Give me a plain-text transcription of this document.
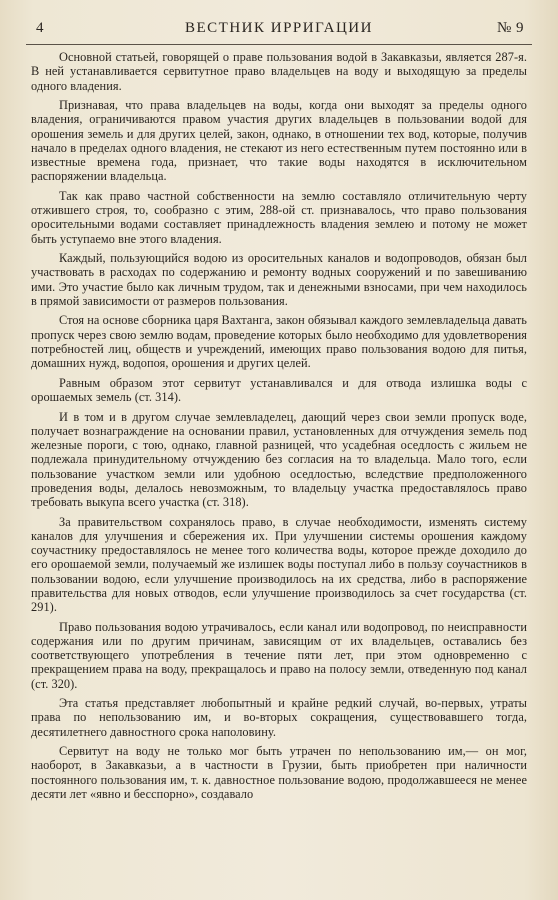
4	ВЕСТНИК ИРРИГАЦИИ	№ 9

Основной статьей, говорящей о праве пользования водой в Закавказьи, является 287-я. В ней устанавливается сервитутное право владельцев на воду и выходящую за пределы одного владения.

Признавая, что права владельцев на воды, когда они выходят за пределы одного владения, ограничиваются правом участия других владельцев в пользовании водой для орошения земель и для других целей, закон, однако, в отношении тех вод, которые, получив начало в пределах одного владения, не стекают из него естественным путем постоянно или в известные времена года, признает, что такие воды находятся в исключительном распоряжении владельца.

Так как право частной собственности на землю составляло отличительную черту отжившего строя, то, сообразно с этим, 288-ой ст. признавалось, что право пользования оросительными водами составляет принадлежность владения землею и потому не может быть уступаемо вне этого владения.

Каждый, пользующийся водою из оросительных каналов и водопроводов, обязан был участвовать в расходах по содержанию и ремонту водных сооружений и по завешиванию ими. Это участие было как личным трудом, так и денежными взносами, при чем находилось в прямой зависимости от размеров пользования.

Стоя на основе сборника царя Вахтанга, закон обязывал каждого землевладельца давать пропуск через свою землю водам, проведение которых было необходимо для удовлетворения потребностей лиц, обществ и учреждений, имеющих право пользования водою для питья, домашних нужд, водопоя, орошения и других целей.

Равным образом этот сервитут устанавливался и для отвода излишка воды с орошаемых земель (ст. 314).

И в том и в другом случае землевладелец, дающий через свои земли пропуск воде, получает вознаграждение на основании правил, установленных для отчуждения земель под железные пороги, с тою, однако, главной разницей, что усадебная оседлость с жильем не подлежала принудительному отчуждению без согласия на то владельца. Мало того, если пользование участком земли или удобною оседлостью, вследствие предположенного проведения воды, делалось невозможным, то владельцу участка предоставлялось право требовать выкупа всего участка (ст. 318).

За правительством сохранялось право, в случае необходимости, изменять систему каналов для улучшения и сбережения их. При улучшении системы орошения каждому соучастнику предоставлялось не менее того количества воды, которое прежде доходило до его орошаемой земли, получаемый же излишек воды поступал либо в пользу соучастников в пользовании водою, если улучшение производилось на их средства, либо в распоряжение правительства для новых отводов, если улучшение производилось за счет государства (ст. 291).

Право пользования водою утрачивалось, если канал или водопровод, по неисправности содержания или по другим причинам, зависящим от их владельцев, оставались без соответствующего употребления в течение пяти лет, при этом одновременно с прекращением права на воду, прекращалось и право на полосу земли, отведенную под канал (ст. 320).

Эта статья представляет любопытный и крайне редкий случай, во-первых, утраты права по непользованию им, и во-вторых сокращения, существовавшего тогда, десятилетнего давностного срока наполовину.

Сервитут на воду не только мог быть утрачен по непользованию им,— он мог, наоборот, в Закавказьи, а в частности в Грузии, быть приобретен при наличности постоянного пользования им, т. к. давностное пользование водою, продолжавшееся не менее десяти лет «явно и бесспорно», создавало
